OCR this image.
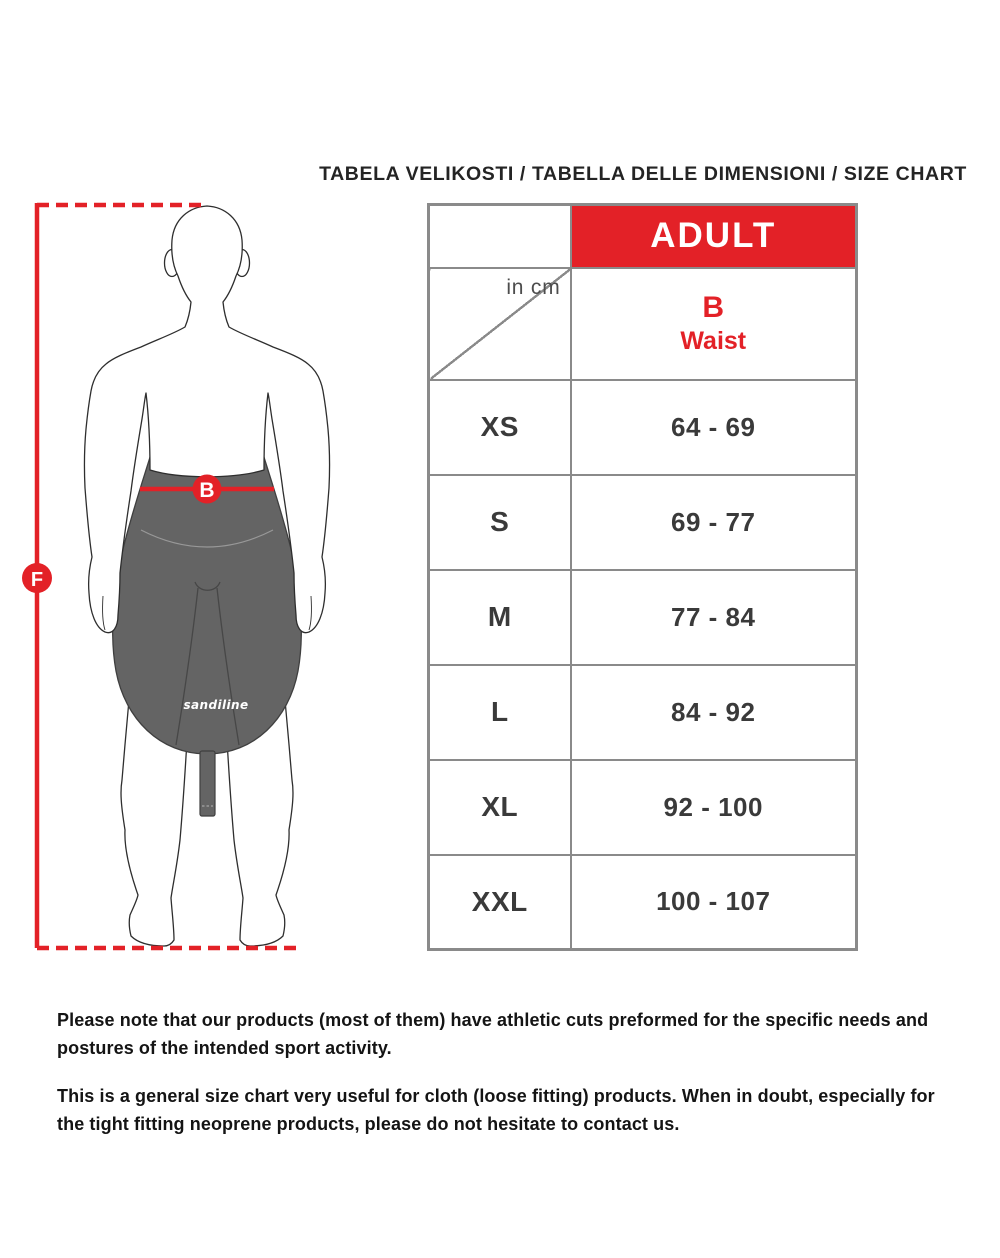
sandiline
B
F
TABELA VELIKOSTI / TABELLA DELLE DIMENSIONI / SIZE CHART
	ADULT

in cm	B
Waist

XS	64 - 69
S	69 - 77
M	77 - 84
L	84 - 92
XL	92 - 100
XXL	100 - 107

Please note that our products (most of them) have athletic cuts preformed for the specific needs and postures of the intended sport activity.

This is a general size chart very useful for cloth (loose fitting) products. When in doubt, especially for the tight fitting neoprene products, please do not hesitate to contact us.
